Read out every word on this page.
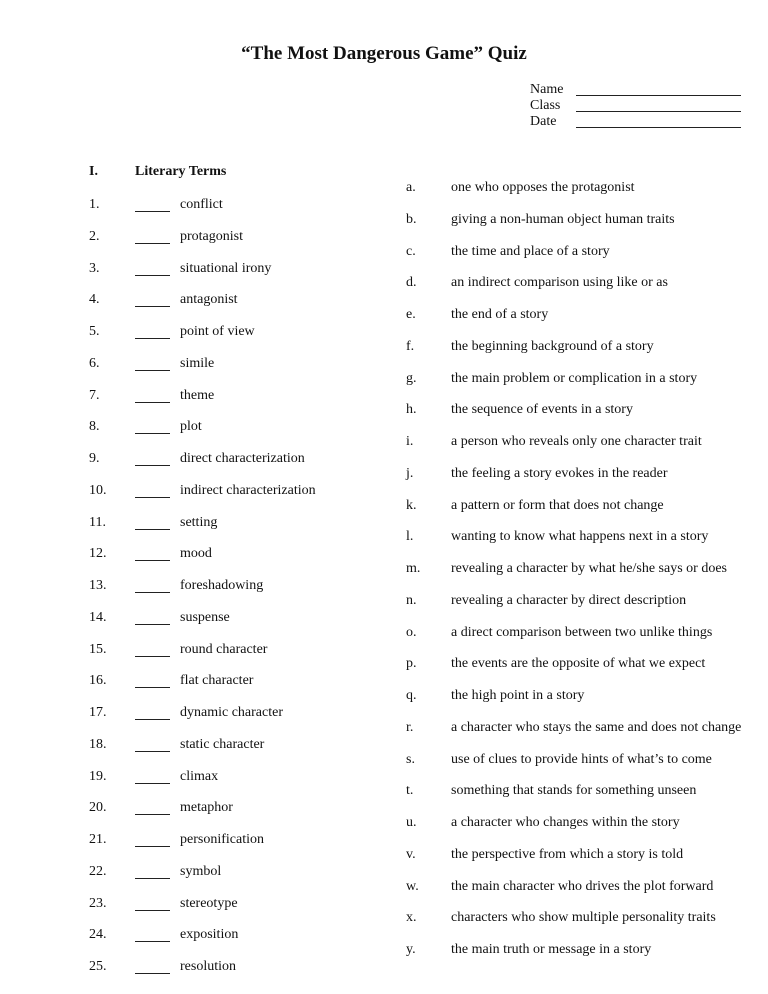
“The Most Dangerous Game” Quiz
Name
Class
Date
I.	Literary Terms
1.	conflict
2.	protagonist
3.	situational irony
4.	antagonist
5.	point of view
6.	simile
7.	theme
8.	plot
9.	direct characterization
10.	indirect characterization
11.	setting
12.	mood
13.	foreshadowing
14.	suspense
15.	round character
16.	flat character
17.	dynamic character
18.	static character
19.	climax
20.	metaphor
21.	personification
22.	symbol
23.	stereotype
24.	exposition
25.	resolution
a.	one who opposes the protagonist
b. giving a non-human object human traits
c.	the time and place of a story
d. an indirect comparison using like or as
e.	the end of a story
f.	the beginning background of a story
g. the main problem or complication in a story
h. the sequence of events in a story
i.	a person who reveals only one character trait
j.	the feeling a story evokes in the reader
k. a pattern or form that does not change
l.	wanting to know what happens next in a story
m. revealing a character by what he/she says or does
n. revealing a character by direct description
o. a direct comparison between two unlike things
p. the events are the opposite of what we expect
q. the high point in a story
r.	a character who stays the same and does not change
s.	use of clues to provide hints of what’s to come
t.	something that stands for something unseen
u. a character who changes within the story
v.	the perspective from which a story is told
w. the main character who drives the plot forward
x. characters who show multiple personality traits
y.	the main truth or message in a story
